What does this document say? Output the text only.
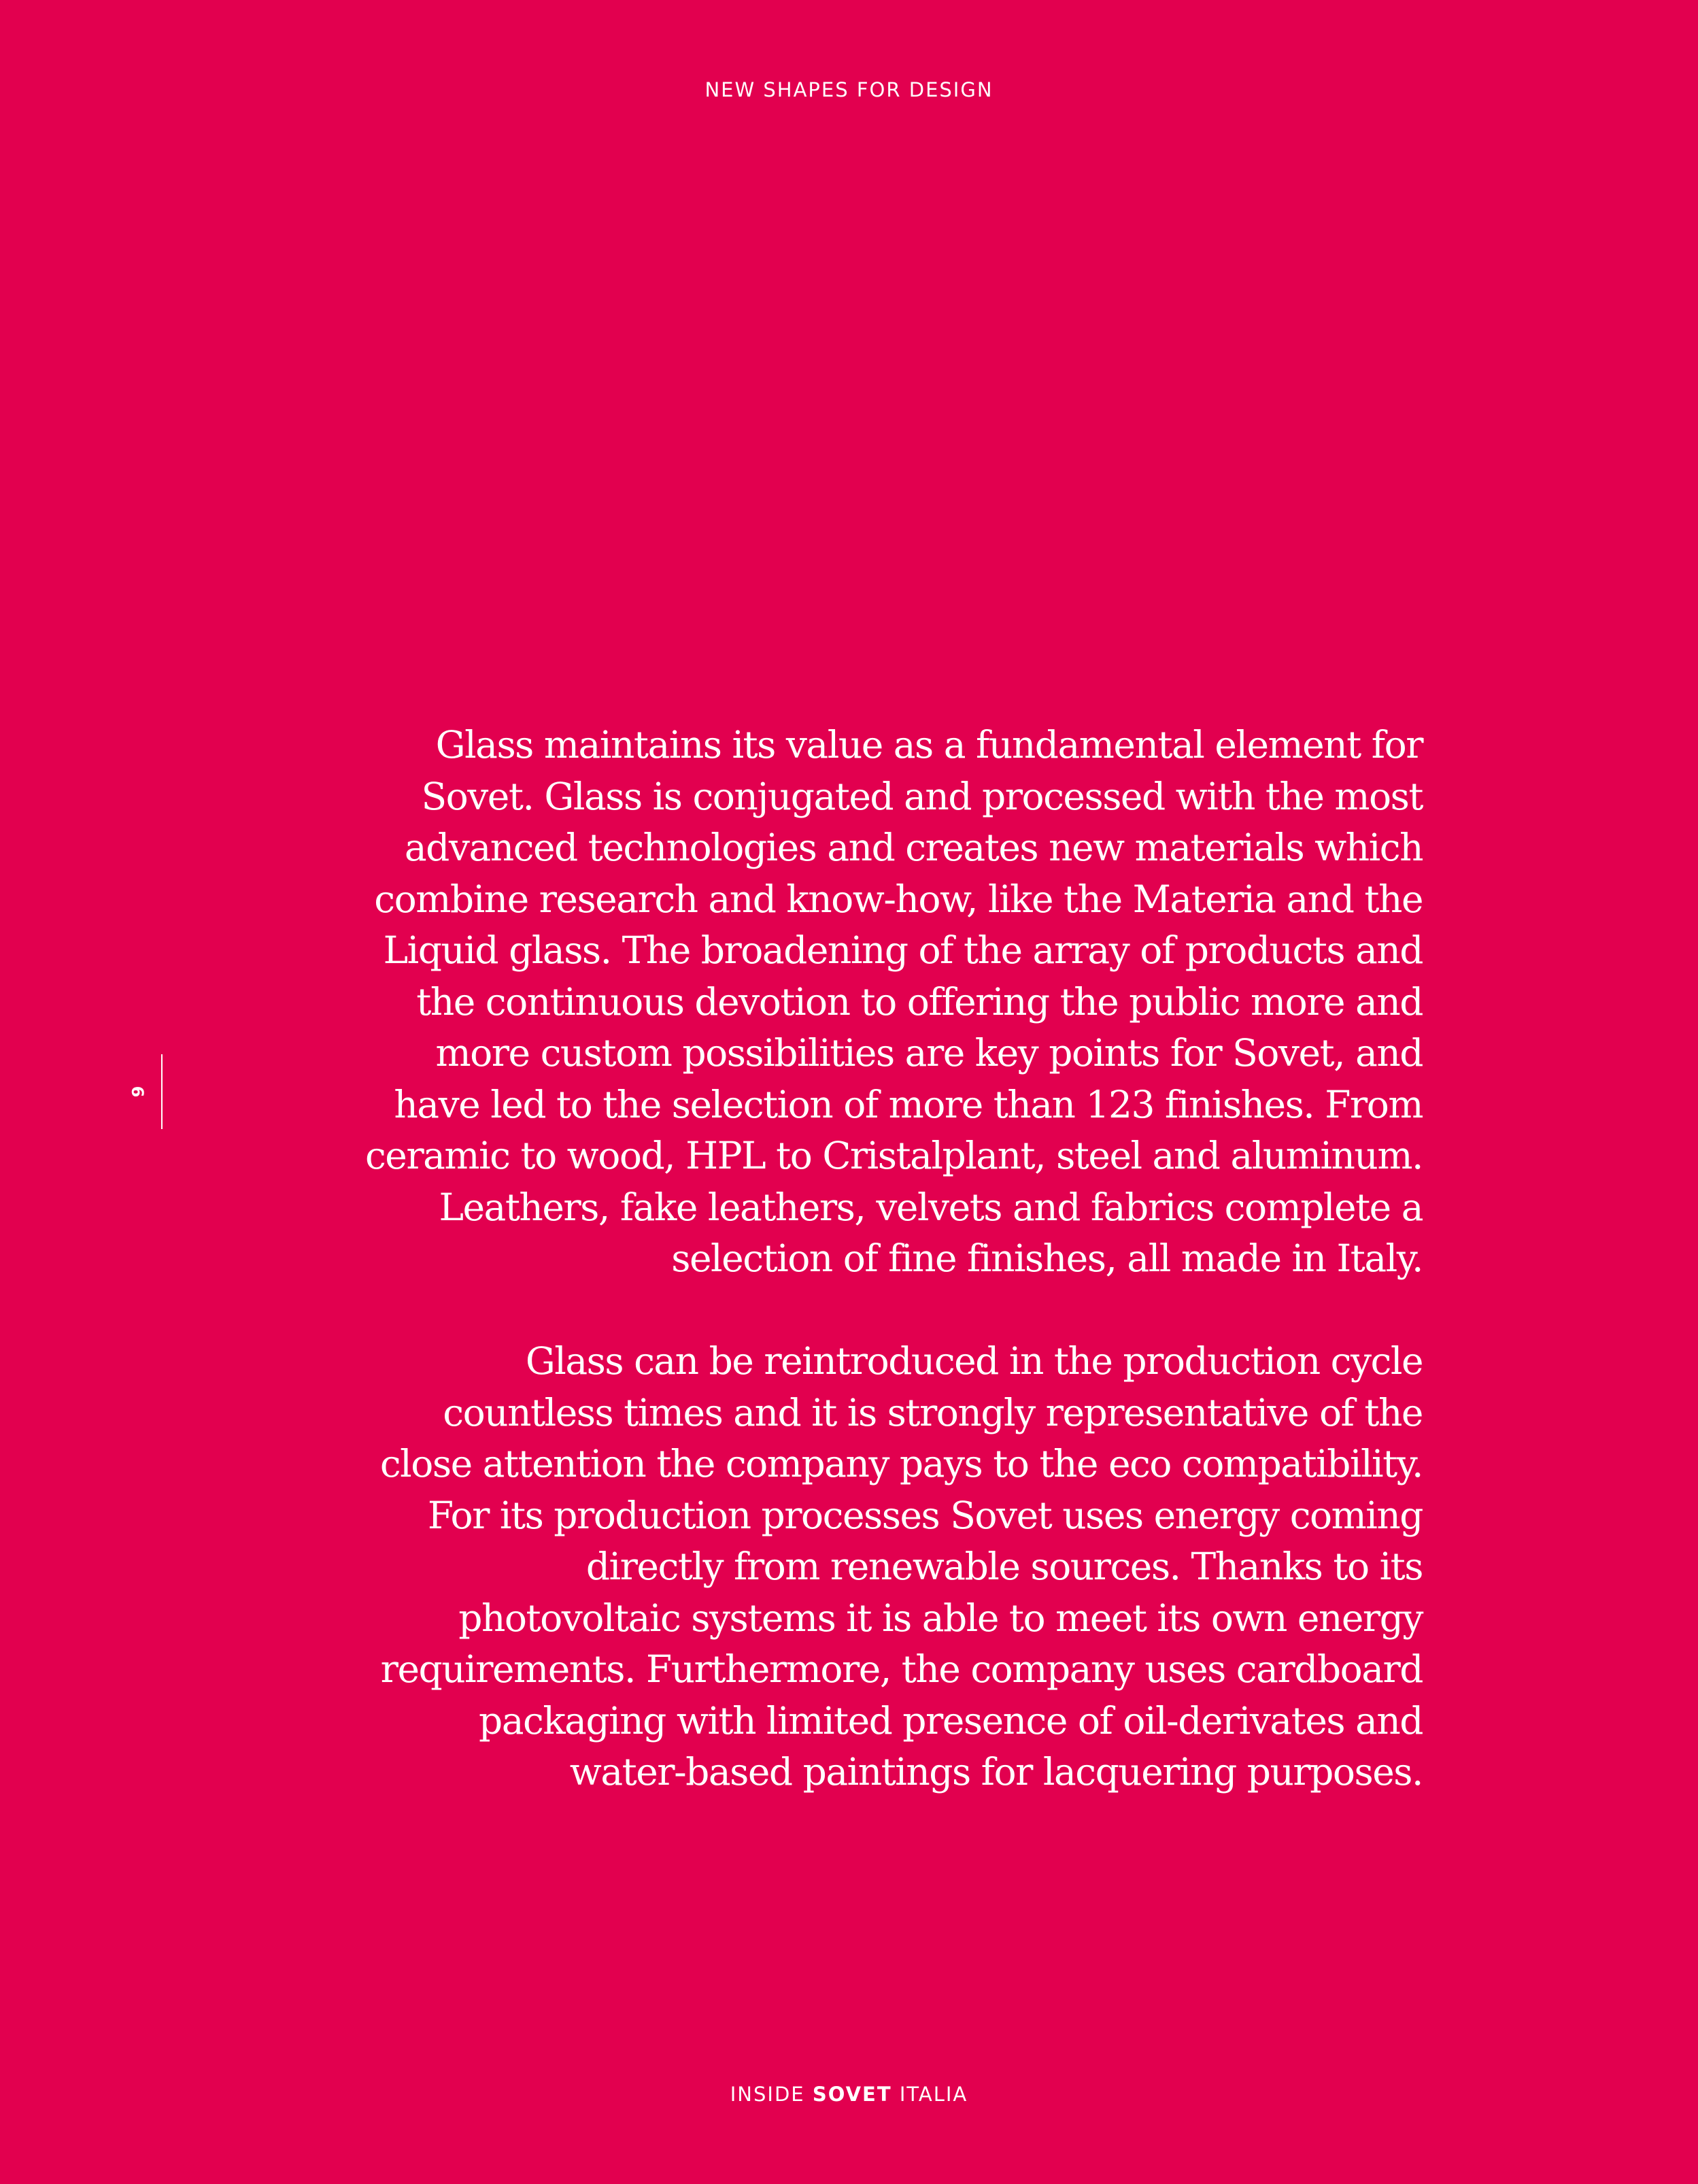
NEW SHAPES FOR DESIGN
6

Glass maintains its value as a fundamental element for Sovet. Glass is conjugated and processed with the most advanced technologies and creates new materials which combine research and know-how, like the Materia and the Liquid glass. The broadening of the array of products and the continuous devotion to offering the public more and more custom possibilities are key points for Sovet, and have led to the selection of more than 123 finishes. From ceramic to wood, HPL to Cristalplant, steel and aluminum. Leathers, fake leathers, velvets and fabrics complete a selection of fine finishes, all made in Italy.

Glass can be reintroduced in the production cycle countless times and it is strongly representative of the close attention the company pays to the eco compatibility. For its production processes Sovet uses energy coming directly from renewable sources. Thanks to its photovoltaic systems it is able to meet its own energy requirements. Furthermore, the company uses cardboard packaging with limited presence of oil-derivates and water-based paintings for lacquering purposes.

INSIDE SOVET ITALIA
